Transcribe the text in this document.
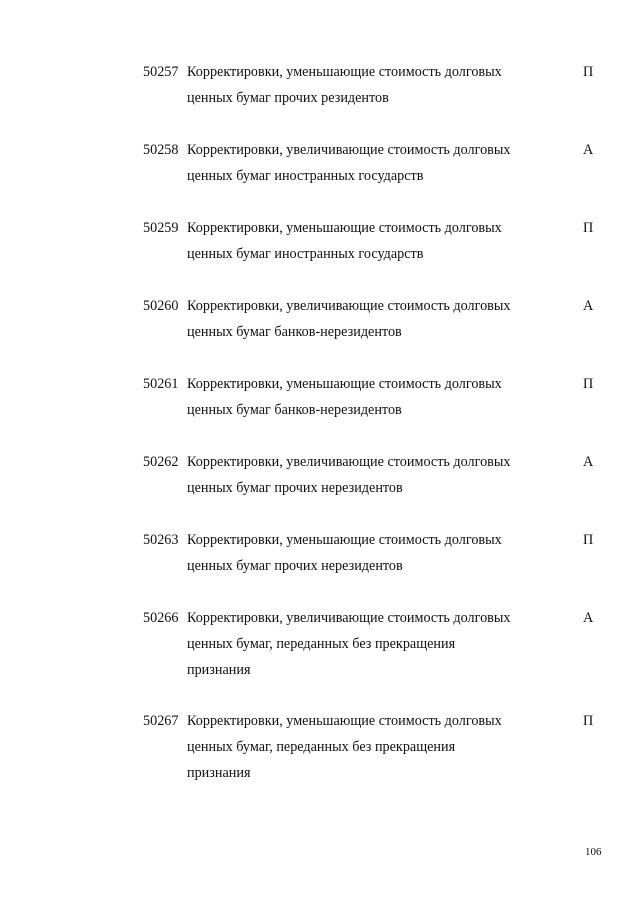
50257 Корректировки, уменьшающие стоимость долговых
ценных бумаг прочих резидентов
П
50258 Корректировки, увеличивающие стоимость долговых
ценных бумаг иностранных государств
А
50259 Корректировки, уменьшающие стоимость долговых
ценных бумаг иностранных государств
П
50260 Корректировки, увеличивающие стоимость долговых
ценных бумаг банков-нерезидентов
А
50261 Корректировки, уменьшающие стоимость долговых
ценных бумаг банков-нерезидентов
П
50262 Корректировки, увеличивающие стоимость долговых
ценных бумаг прочих нерезидентов
А
50263 Корректировки, уменьшающие стоимость долговых
ценных бумаг прочих нерезидентов
П
50266 Корректировки, увеличивающие стоимость долговых
ценных бумаг, переданных без прекращения
признания
А
50267 Корректировки, уменьшающие стоимость долговых
ценных бумаг, переданных без прекращения
признания
П
106
